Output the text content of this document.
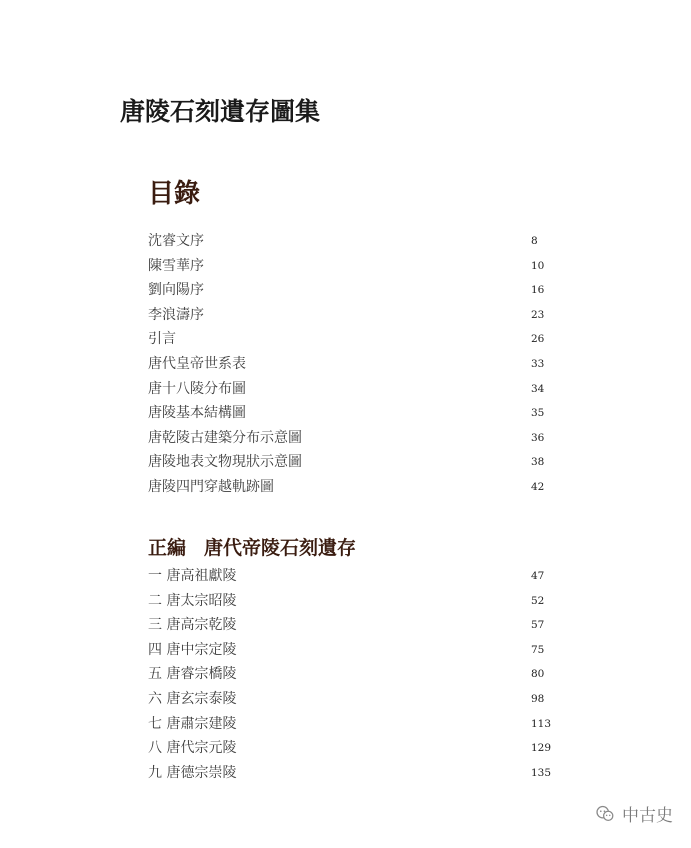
唐陵石刻遺存圖集
目錄
沈睿文序	8
陳雪華序	10
劉向陽序	16
李浪濤序	23
引言	26
唐代皇帝世系表	33
唐十八陵分布圖	34
唐陵基本結構圖	35
唐乾陵古建築分布示意圖	36
唐陵地表文物現狀示意圖	38
唐陵四門穿越軌跡圖	42
正編 唐代帝陵石刻遺存
一 唐高祖獻陵	47
二 唐太宗昭陵	52
三 唐高宗乾陵	57
四 唐中宗定陵	75
五 唐睿宗橋陵	80
六 唐玄宗泰陵	98
七 唐肅宗建陵	113
八 唐代宗元陵	129
九 唐德宗崇陵	135
中古史
